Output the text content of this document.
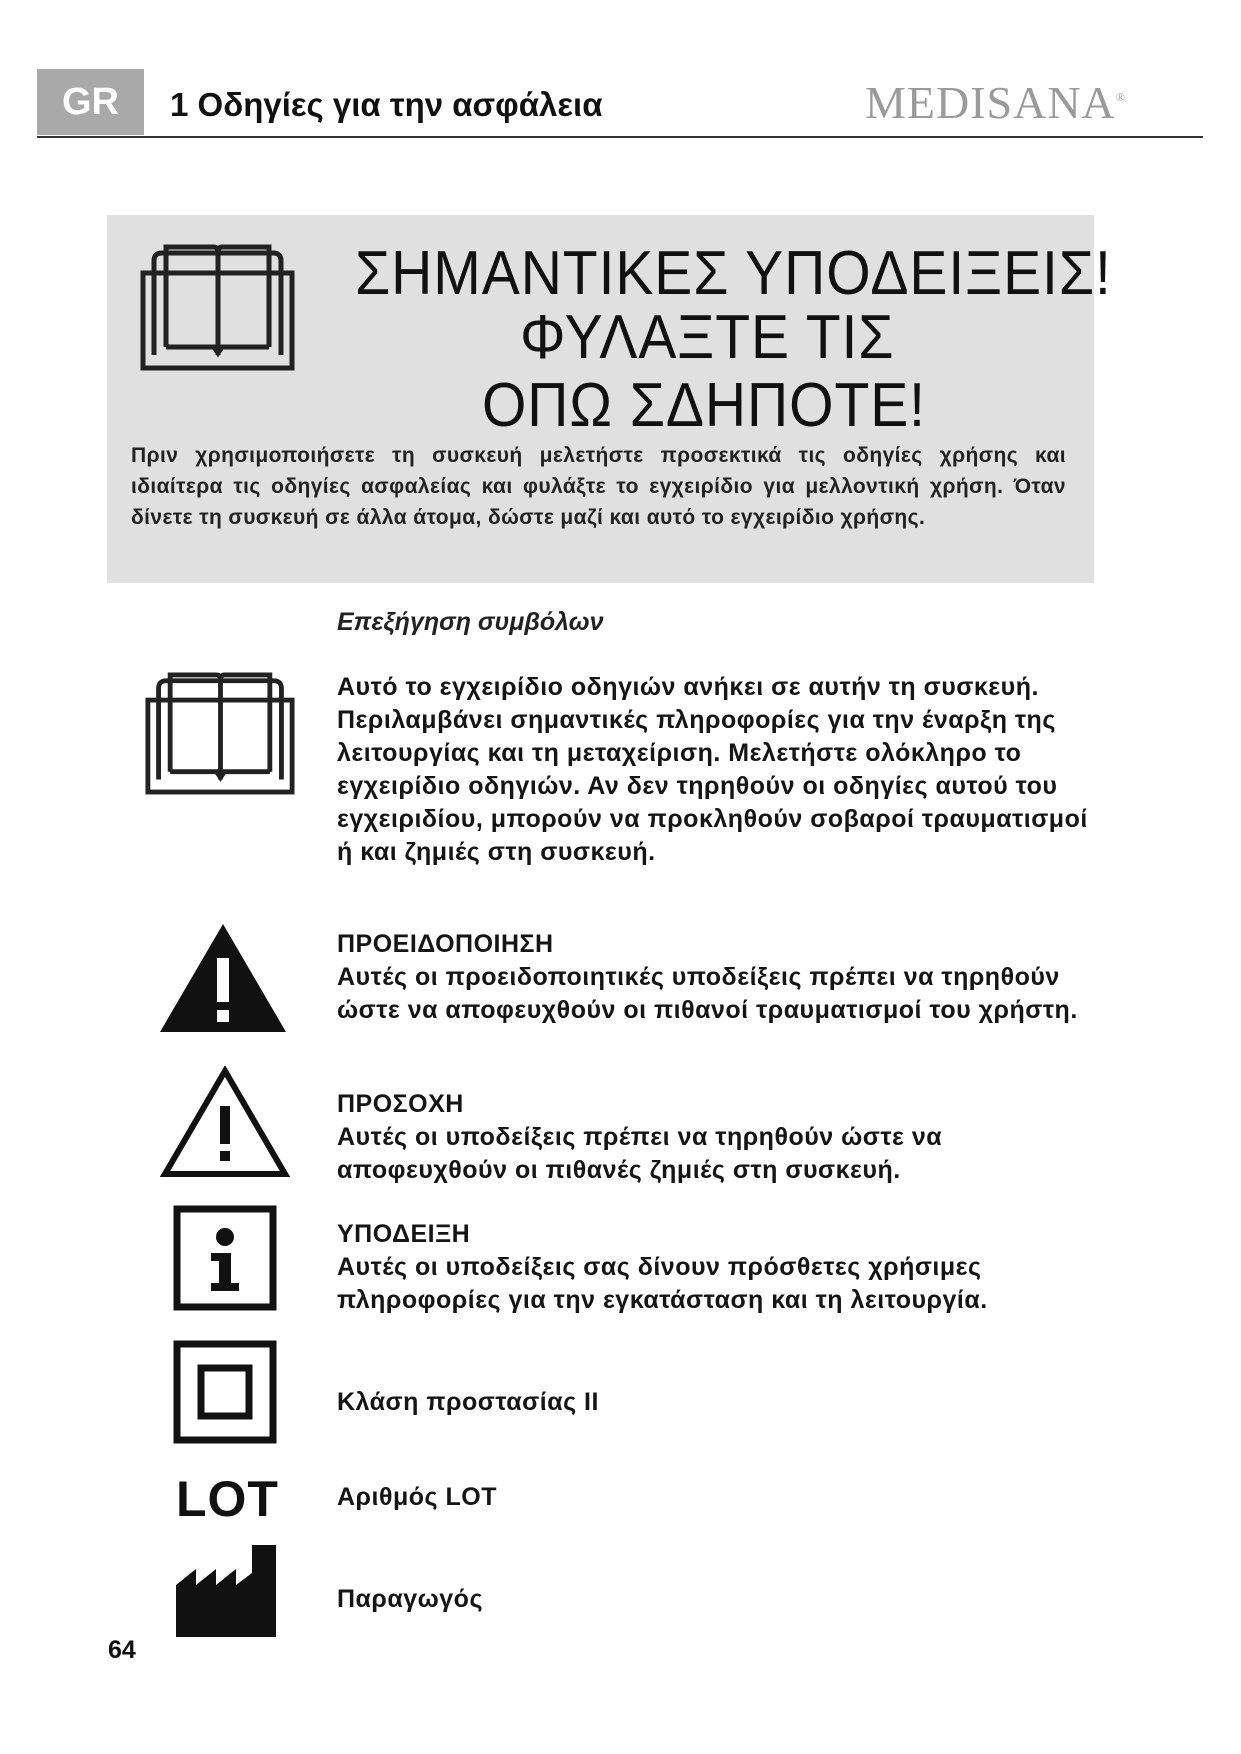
GR 1 Οδηγίες για την ασφάλεια	MEDISANA®
ΣΗΜΑΝΤΙΚΕΣ ΥΠΟΔΕΙΞΕΙΣ!
ΦΥΛΑΞΤΕ ΤΙΣ
ΟΠΩ ΣΔΗΠΟΤΕ!
Πριν χρησιμοποιήσετε τη συσκευή μελετήστε προσεκτικά τις οδηγίες χρήσης και ιδιαίτερα τις οδηγίες ασφαλείας και φυλάξτε το εγχειρίδιο για μελλοντική χρήση. Όταν δίνετε τη συσκευή σε άλλα άτομα, δώστε μαζί και αυτό το εγχειρίδιο χρήσης.
Επεξήγηση συμβόλων
Αυτό το εγχειρίδιο οδηγιών ανήκει σε αυτήν τη συσκευή. Περιλαμβάνει σημαντικές πληροφορίες για την έναρξη της λειτουργίας και τη μεταχείριση. Μελετήστε ολόκληρο το εγχειρίδιο οδηγιών. Αν δεν τηρηθούν οι οδηγίες αυτού του εγχειριδίου, μπορούν να προκληθούν σοβαροί τραυματισμοί ή και ζημιές στη συσκευή.
ΠΡΟΕΙΔΟΠΟΙΗΣΗ
Αυτές οι προειδοποιητικές υποδείξεις πρέπει να τηρηθούν ώστε να αποφευχθούν οι πιθανοί τραυματισμοί του χρήστη.
ΠΡΟΣΟΧΗ
Αυτές οι υποδείξεις πρέπει να τηρηθούν ώστε να αποφευχθούν οι πιθανές ζημιές στη συσκευή.
ΥΠΟΔΕΙΞΗ
Αυτές οι υποδείξεις σας δίνουν πρόσθετες χρήσιμες πληροφορίες για την εγκατάσταση και τη λειτουργία.
Κλάση προστασίας II
LOT Αριθμός LOT
Παραγωγός
64
